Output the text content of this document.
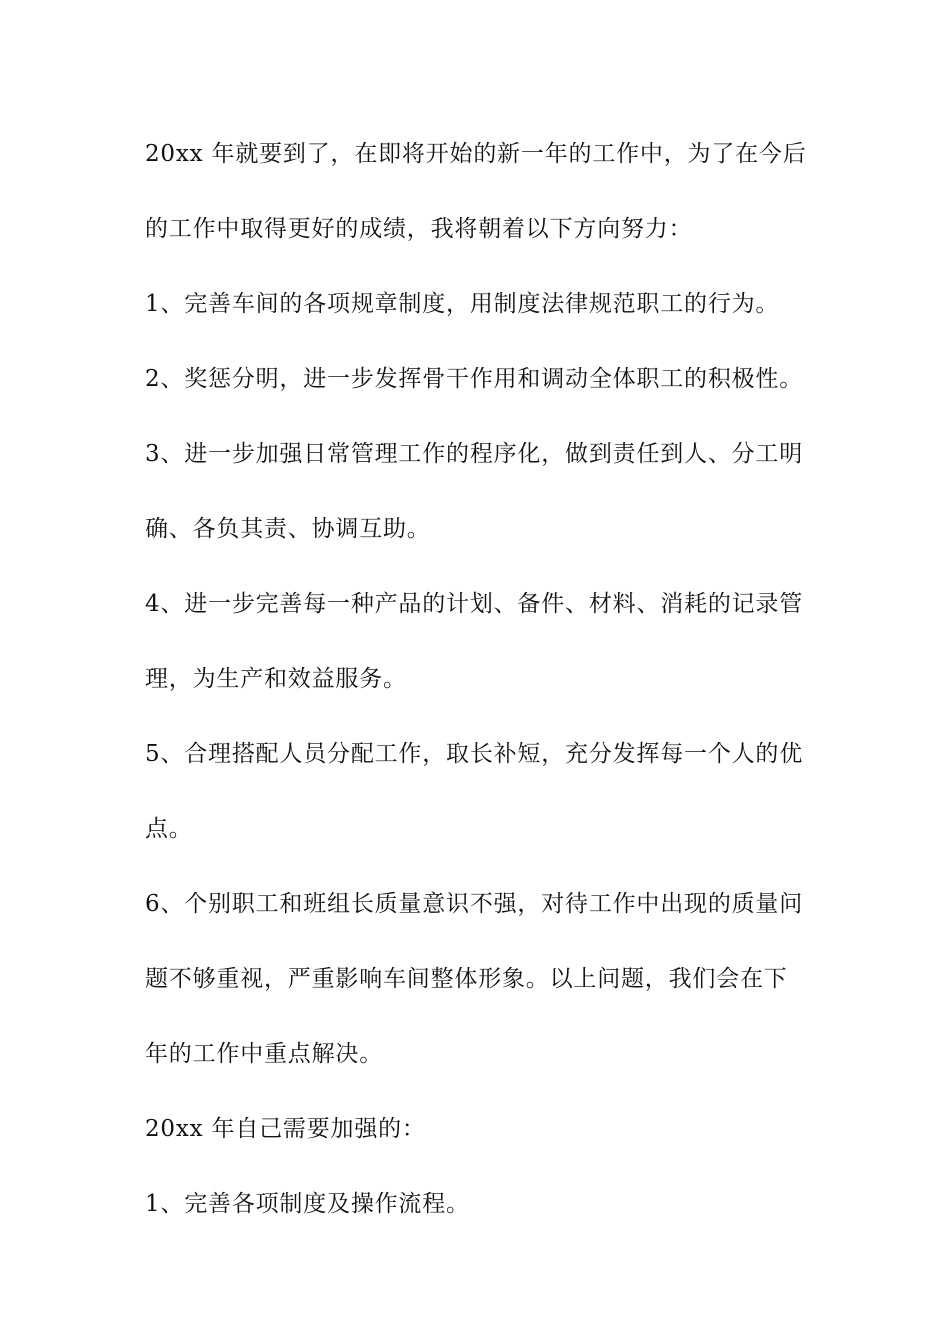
20xx 年就要到了，在即将开始的新一年的工作中，为了在今后
的工作中取得更好的成绩，我将朝着以下方向努力：
1、完善车间的各项规章制度，用制度法律规范职工的行为。
2、奖惩分明，进一步发挥骨干作用和调动全体职工的积极性。
3、进一步加强日常管理工作的程序化，做到责任到人、分工明
确、各负其责、协调互助。
4、进一步完善每一种产品的计划、备件、材料、消耗的记录管
理，为生产和效益服务。
5、合理搭配人员分配工作，取长补短，充分发挥每一个人的优
点。
6、个别职工和班组长质量意识不强，对待工作中出现的质量问
题不够重视，严重影响车间整体形象。以上问题，我们会在下
年的工作中重点解决。
20xx 年自己需要加强的：
1、完善各项制度及操作流程。
